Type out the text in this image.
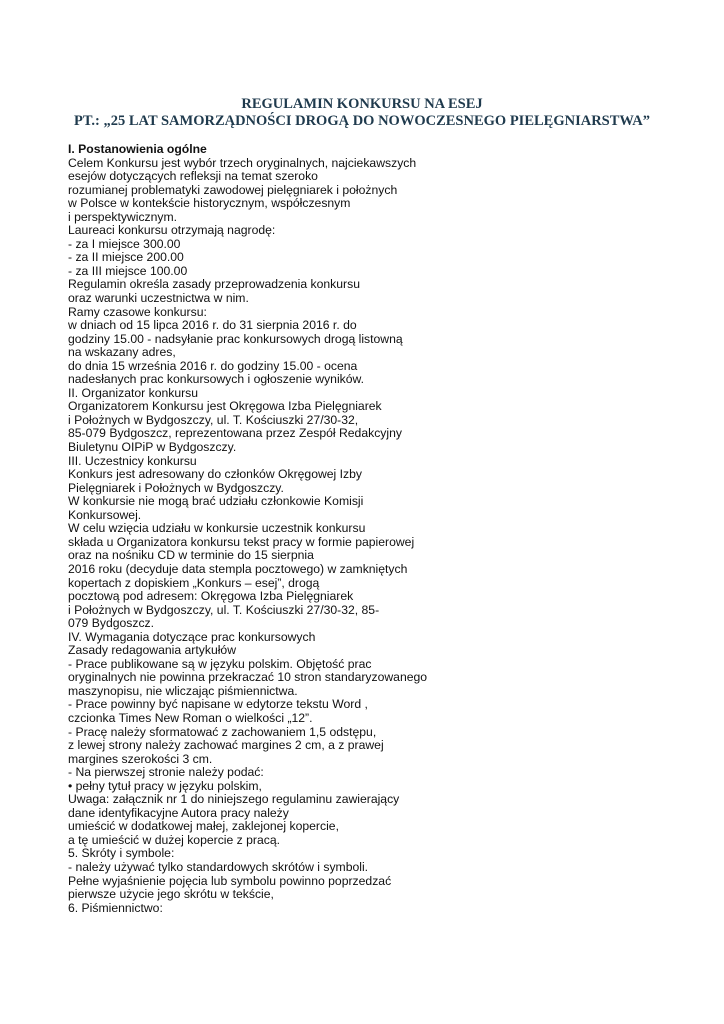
REGULAMIN KONKURSU NA ESEJ
PT.: „25 LAT SAMORZĄDNOŚCI DROGĄ DO NOWOCZESNEGO PIELĘGNIARSTWA”
I. Postanowienia ogólne
Celem Konkursu jest wybór trzech oryginalnych, najciekawszych
esejów dotyczących refleksji na temat szeroko
rozumianej problematyki zawodowej pielęgniarek i położnych
w Polsce w kontekście historycznym, współczesnym
i perspektywicznym.
Laureaci konkursu otrzymają nagrodę:
- za I miejsce 300.00
- za II miejsce 200.00
- za III miejsce 100.00
Regulamin określa zasady przeprowadzenia konkursu
oraz warunki uczestnictwa w nim.
Ramy czasowe konkursu:
w dniach od 15 lipca 2016 r. do 31 sierpnia 2016 r. do
godziny 15.00 - nadsyłanie prac konkursowych drogą listowną
na wskazany adres,
do dnia 15 września 2016 r. do godziny 15.00 - ocena
nadesłanych prac konkursowych i ogłoszenie wyników.
II. Organizator konkursu
Organizatorem Konkursu jest Okręgowa Izba Pielęgniarek
i Położnych w Bydgoszczy, ul. T. Kościuszki 27/30-32,
85-079 Bydgoszcz, reprezentowana przez Zespół Redakcyjny
Biuletynu OIPiP w Bydgoszczy.
III. Uczestnicy konkursu
Konkurs jest adresowany do członków Okręgowej Izby
Pielęgniarek i Położnych w Bydgoszczy.
W konkursie nie mogą brać udziału członkowie Komisji
Konkursowej.
W celu wzięcia udziału w konkursie uczestnik konkursu
składa u Organizatora konkursu tekst pracy w formie papierowej
oraz na nośniku CD w terminie do 15 sierpnia
2016 roku (decyduje data stempla pocztowego) w zamkniętych
kopertach z dopiskiem „Konkurs – esej”, drogą
pocztową pod adresem: Okręgowa Izba Pielęgniarek
i Położnych w Bydgoszczy, ul. T. Kościuszki 27/30-32, 85-
079 Bydgoszcz.
IV. Wymagania dotyczące prac konkursowych
Zasady redagowania artykułów
- Prace publikowane są w języku polskim. Objętość prac
oryginalnych nie powinna przekraczać 10 stron standaryzowanego
maszynopisu, nie wliczając piśmiennictwa.
- Prace powinny być napisane w edytorze tekstu Word ,
czcionka Times New Roman o wielkości „12”.
- Pracę należy sformatować z zachowaniem 1,5 odstępu,
z lewej strony należy zachować margines 2 cm, a z prawej
margines szerokości 3 cm.
- Na pierwszej stronie należy podać:
• pełny tytuł pracy w języku polskim,
Uwaga: załącznik nr 1 do niniejszego regulaminu zawierający
dane identyfikacyjne Autora pracy należy
umieścić w dodatkowej małej, zaklejonej kopercie,
a tę umieścić w dużej kopercie z pracą.
5. Skróty i symbole:
- należy używać tylko standardowych skrótów i symboli.
Pełne wyjaśnienie pojęcia lub symbolu powinno poprzedzać
pierwsze użycie jego skrótu w tekście,
6. Piśmiennictwo:
